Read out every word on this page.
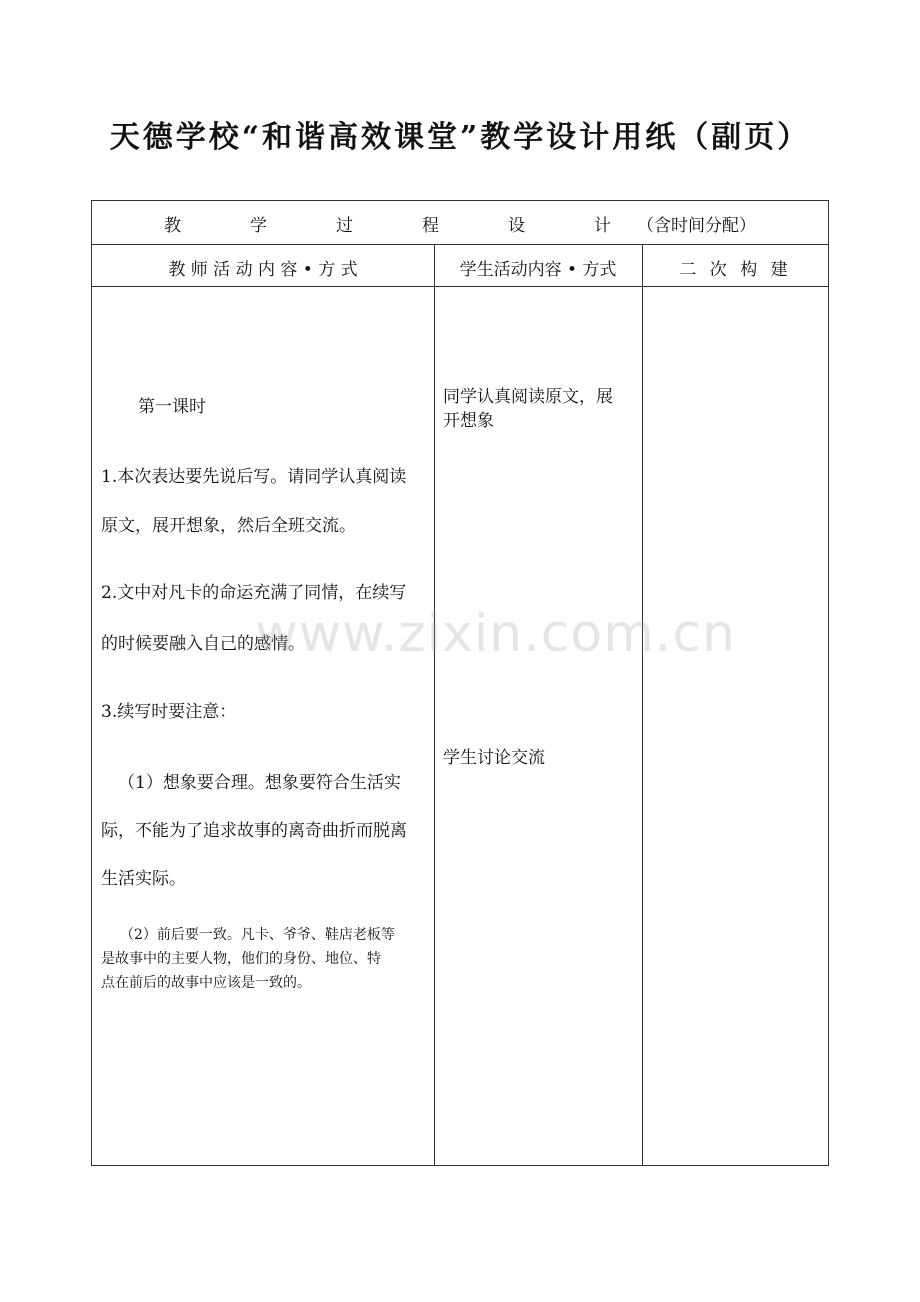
天德学校“和谐高效课堂”教学设计用纸（副页）
教　学　过　程　设　计（含时间分配）
教 师 活 动 内 容 • 方 式	学生活动内容 • 方式	二 次 构 建
第一课时
1.本次表达要先说后写。请同学认真阅读
原文，展开想象，然后全班交流。
2.文中对凡卡的命运充满了同情，在续写
的时候要融入自己的感情。
3.续写时要注意：
（1）想象要合理。想象要符合生活实
际，不能为了追求故事的离奇曲折而脱离
生活实际。
（2）前后要一致。凡卡、爷爷、鞋店老板等
是故事中的主要人物，他们的身份、地位、特
点在前后的故事中应该是一致的。
同学认真阅读原文，展
开想象
学生讨论交流
www.zixin.com.cn
